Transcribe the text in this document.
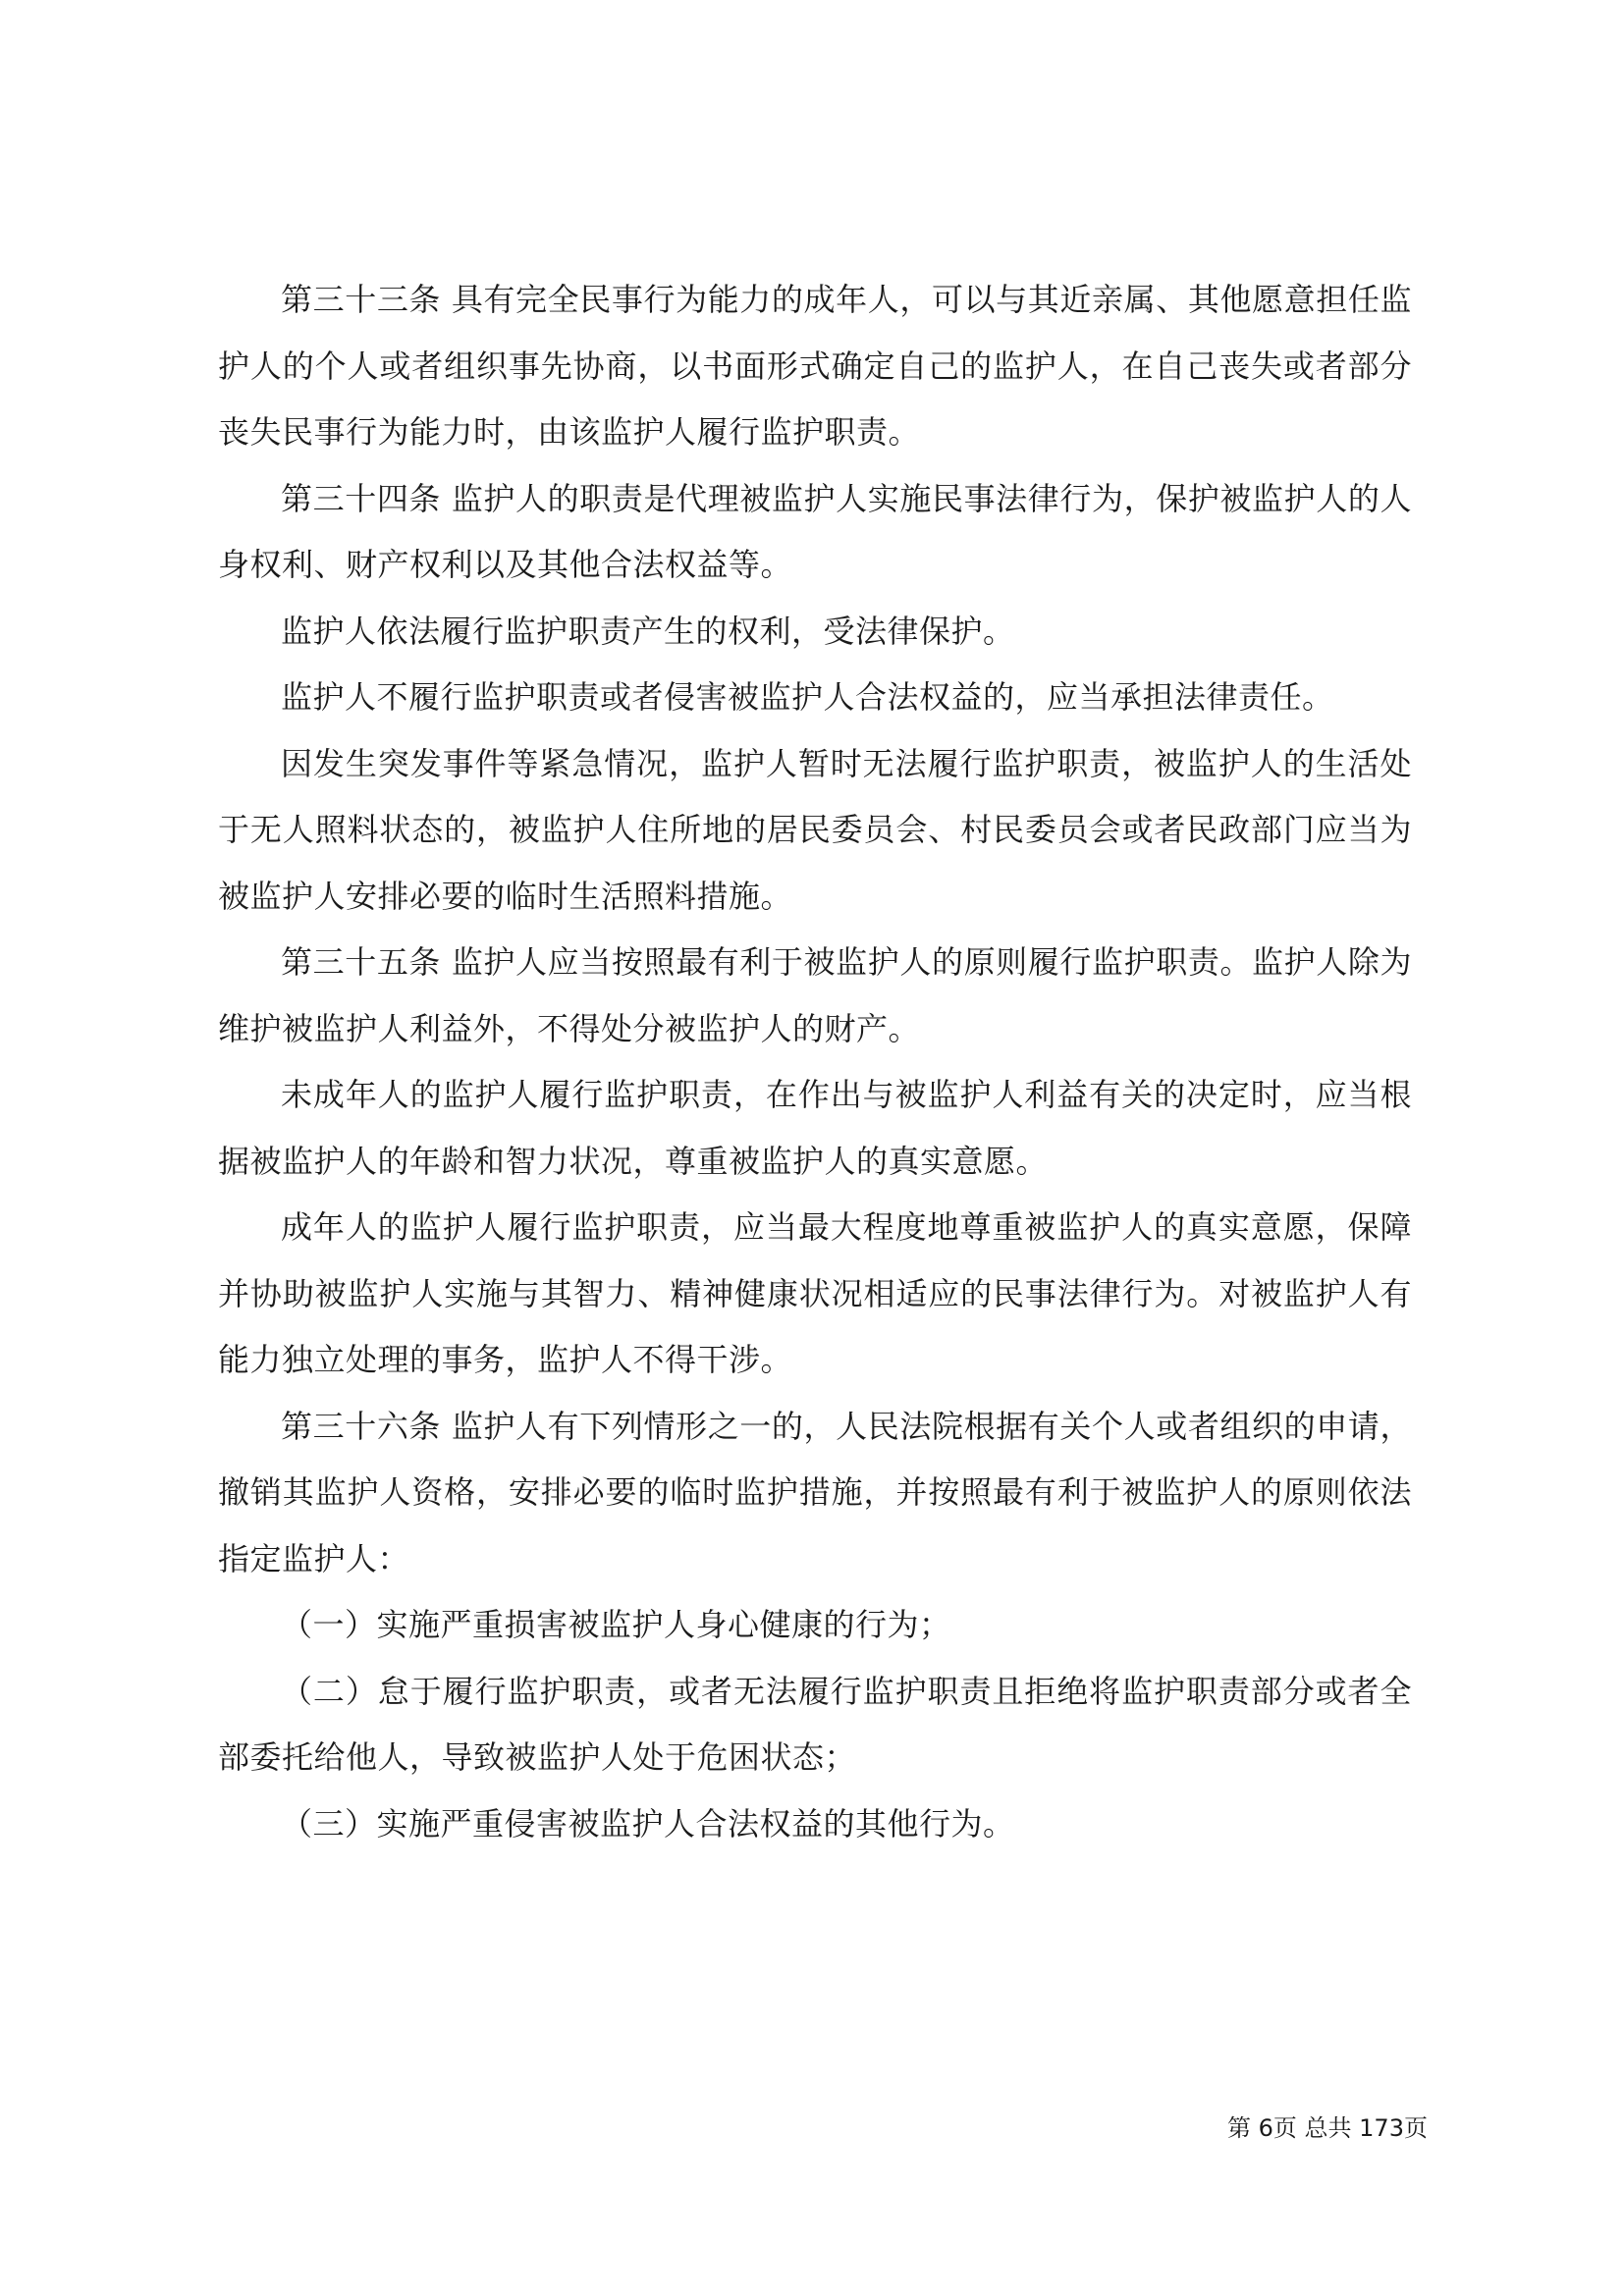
第三十三条 具有完全民事行为能力的成年人，可以与其近亲属、其他愿意担任监护人的个人或者组织事先协商，以书面形式确定自己的监护人，在自己丧失或者部分丧失民事行为能力时，由该监护人履行监护职责。

第三十四条 监护人的职责是代理被监护人实施民事法律行为，保护被监护人的人身权利、财产权利以及其他合法权益等。

监护人依法履行监护职责产生的权利，受法律保护。

监护人不履行监护职责或者侵害被监护人合法权益的，应当承担法律责任。

因发生突发事件等紧急情况，监护人暂时无法履行监护职责，被监护人的生活处于无人照料状态的，被监护人住所地的居民委员会、村民委员会或者民政部门应当为被监护人安排必要的临时生活照料措施。

第三十五条 监护人应当按照最有利于被监护人的原则履行监护职责。监护人除为维护被监护人利益外，不得处分被监护人的财产。

未成年人的监护人履行监护职责，在作出与被监护人利益有关的决定时，应当根据被监护人的年龄和智力状况，尊重被监护人的真实意愿。

成年人的监护人履行监护职责，应当最大程度地尊重被监护人的真实意愿，保障并协助被监护人实施与其智力、精神健康状况相适应的民事法律行为。对被监护人有能力独立处理的事务，监护人不得干涉。

第三十六条 监护人有下列情形之一的，人民法院根据有关个人或者组织的申请，撤销其监护人资格，安排必要的临时监护措施，并按照最有利于被监护人的原则依法指定监护人：

（一）实施严重损害被监护人身心健康的行为；

（二）怠于履行监护职责，或者无法履行监护职责且拒绝将监护职责部分或者全部委托给他人，导致被监护人处于危困状态；

（三）实施严重侵害被监护人合法权益的其他行为。

第 6页 总共 173页
